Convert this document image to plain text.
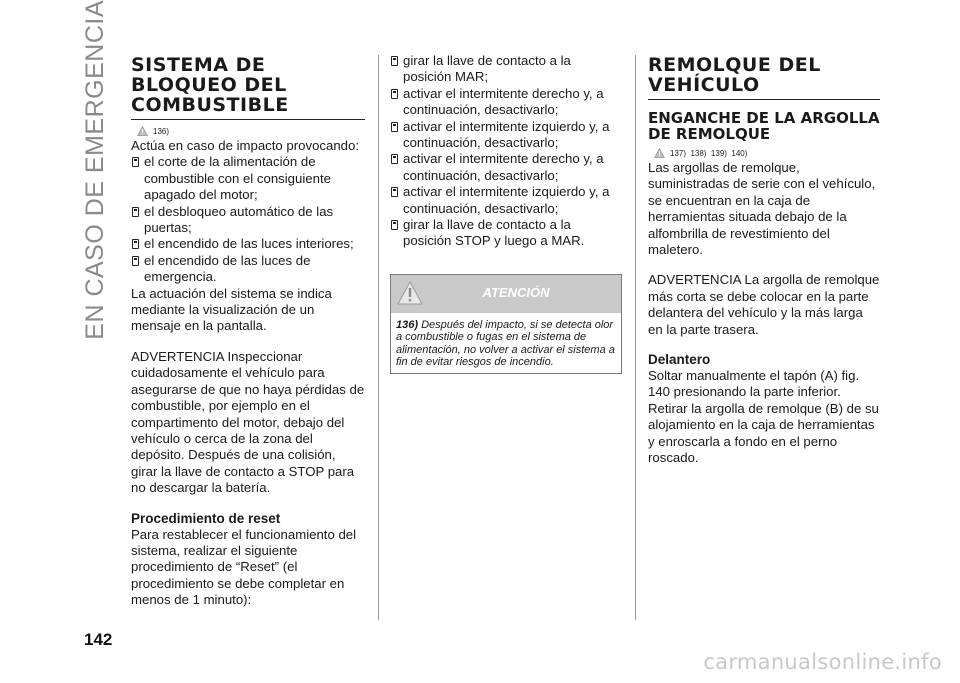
EN CASO DE EMERGENCIA SISTEMA DE BLOQUEO DEL COMBUSTIBLE
136)

Actúa en caso de impacto provocando:

el corte de la alimentación de combustible con el consiguiente apagado del motor;

el desbloqueo automático de las puertas;

el encendido de las luces interiores;

el encendido de las luces de emergencia.

La actuación del sistema se indica mediante la visualización de un mensaje en la pantalla.

ADVERTENCIA Inspeccionar cuidadosamente el vehículo para asegurarse de que no haya pérdidas de combustible, por ejemplo en el compartimento del motor, debajo del vehículo o cerca de la zona del depósito. Después de una colisión, girar la llave de contacto a STOP para no descargar la batería.

Procedimiento de reset

Para restablecer el funcionamiento del sistema, realizar el siguiente procedimiento de “Reset” (el procedimiento se debe completar en menos de 1 minuto):

girar la llave de contacto a la posición MAR;

activar el intermitente derecho y, a continuación, desactivarlo;

activar el intermitente izquierdo y, a continuación, desactivarlo;

activar el intermitente derecho y, a continuación, desactivarlo;

activar el intermitente izquierdo y, a continuación, desactivarlo;

girar la llave de contacto a la posición STOP y luego a MAR.

ATENCIÓN
136) Después del impacto, si se detecta olor a combustible o fugas en el sistema de alimentación, no volver a activar el sistema a fin de evitar riesgos de incendio.
REMOLQUE DEL VEHÍCULO
ENGANCHE DE LA ARGOLLA DE REMOLQUE
137)  138)  139)  140)

Las argollas de remolque, suministradas de serie con el vehículo, se encuentran en la caja de herramientas situada debajo de la alfombrilla de revestimiento del maletero.

ADVERTENCIA La argolla de remolque más corta se debe colocar en la parte delantera del vehículo y la más larga en la parte trasera.

Delantero

Soltar manualmente el tapón (A) fig. 140 presionando la parte inferior. Retirar la argolla de remolque (B) de su alojamiento en la caja de herramientas y enroscarla a fondo en el perno roscado.

142
carmanualsonline.info
